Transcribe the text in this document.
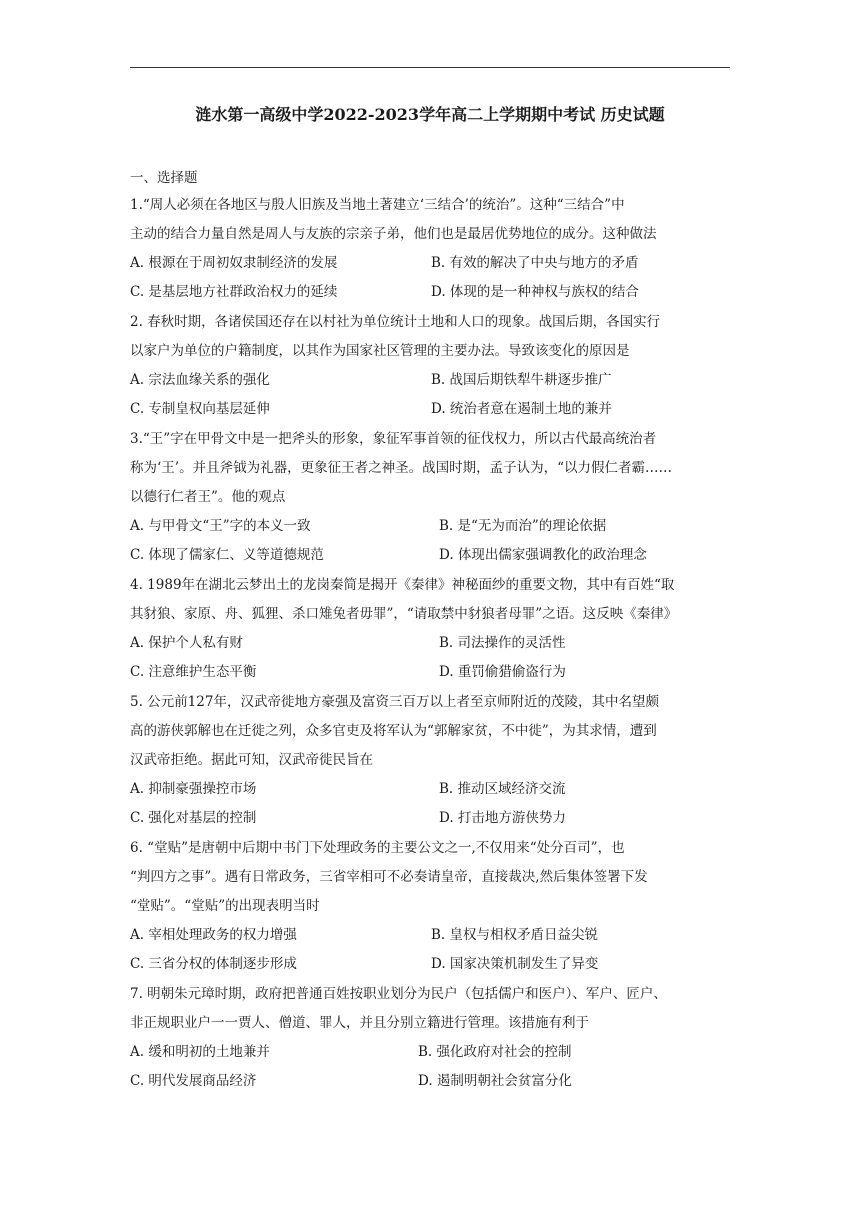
涟水第一高级中学2022-2023学年高二上学期期中考试 历史试题
一、选择题
1.“周人必须在各地区与殷人旧族及当地土著建立‘三结合’的统治”。这种“三结合”中
主动的结合力量自然是周人与友族的宗亲子弟，他们也是最居优势地位的成分。这种做法
A. 根源在于周初奴隶制经济的发展	B. 有效的解决了中央与地方的矛盾
C. 是基层地方社群政治权力的延续	D. 体现的是一种神权与族权的结合
2. 春秋时期，各诸侯国还存在以村社为单位统计土地和人口的现象。战国后期，各国实行
以家户为单位的户籍制度，以其作为国家社区管理的主要办法。导致该变化的原因是
A. 宗法血缘关系的强化	B. 战国后期铁犁牛耕逐步推广
C. 专制皇权向基层延伸	D. 统治者意在遏制土地的兼并
3.“王”字在甲骨文中是一把斧头的形象，象征军事首领的征伐权力，所以古代最高统治者
称为‘王’。并且斧钺为礼器，更象征王者之神圣。战国时期，孟子认为，“以力假仁者霸……
以德行仁者王”。他的观点
A. 与甲骨文“王”字的本义一致	B. 是“无为而治”的理论依据
C. 体现了儒家仁、义等道德规范	D. 体现出儒家强调教化的政治理念
4. 1989年在湖北云梦出土的龙岗秦简是揭开《秦律》神秘面纱的重要文物，其中有百姓“取
其豺狼、家原、舟、狐狸、杀口雉兔者毋罪”，“请取禁中豺狼者母罪”之语。这反映《秦律》
A. 保护个人私有财	B. 司法操作的灵活性
C. 注意维护生态平衡	D. 重罚偷猎偷盗行为
5. 公元前127年，汉武帝徙地方豪强及富资三百万以上者至京师附近的茂陵，其中名望颇
高的游侠郭解也在迁徙之列，众多官吏及将军认为“郭解家贫，不中徙”，为其求情，遭到
汉武帝拒绝。据此可知，汉武帝徙民旨在
A. 抑制豪强操控市场	B. 推动区域经济交流
C. 强化对基层的控制	D. 打击地方游侠势力
6. “堂贴”是唐朝中后期中书门下处理政务的主要公文之一,不仅用来“处分百司”，也
“判四方之事”。遇有日常政务，三省宰相可不必奏请皇帝，直接裁决,然后集体签署下发
“堂贴”。“堂贴”的出现表明当时
A. 宰相处理政务的权力增强	B. 皇权与相权矛盾日益尖锐
C. 三省分权的体制逐步形成	D. 国家决策机制发生了异变
7. 明朝朱元璋时期，政府把普通百姓按职业划分为民户（包括儒户和医户）、军户、匠户、
非正规职业户一一贾人、僧道、罪人，并且分别立籍进行管理。该措施有利于
A. 缓和明初的土地兼并	B. 强化政府对社会的控制
C. 明代发展商品经济	D. 遏制明朝社会贫富分化
